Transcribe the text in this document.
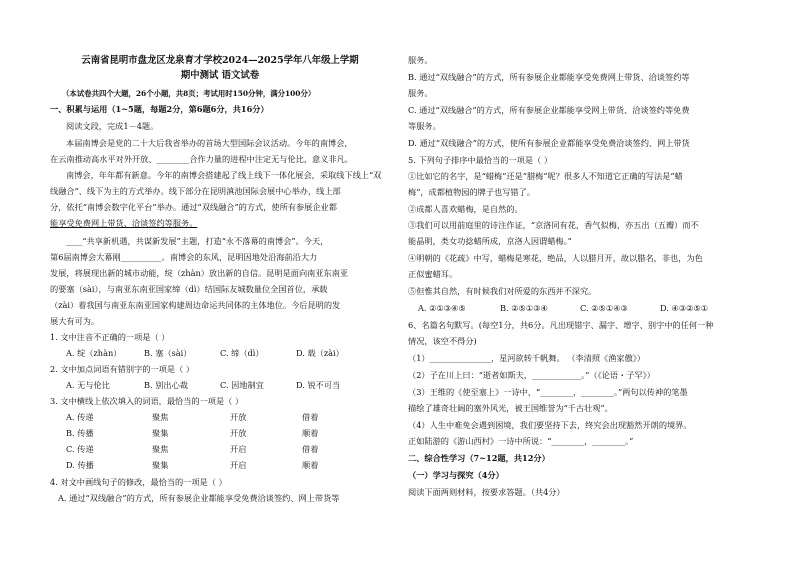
云南省昆明市盘龙区龙泉育才学校2024—2025学年八年级上学期
期中测试 语文试卷
（本试卷共四个大题，26个小题，共8页；考试用时150分钟，满分100分）
一、积累与运用（1~5题，每题2分，第6题6分，共16分）
阅读文段，完成1－4题。
本届南博会是党的二十大后我省举办的首场大型国际会议活动。今年的南博会，
在云南推动高水平对外开放、________合作力量的进程中注定无与伦比，意义非凡。
南博会，年年都有新意。今年的南博会搭建起了线上线下一体化展会，采取线下线上“双
线融合”、线下为主的方式举办。线下部分在昆明滇池国际会展中心举办，线上部
分，依托“南博会数字化平台”举办。通过“双线融合”的方式，使所有参展企业都
能享受免费网上带货、洽谈签约等服务。
____“共享新机遇，共谋新发展”主题，打造“永不落幕的南博会”。今天，
第6届南博会大幕刚__________。南博会的东风，昆明因地处沿海前沿大力
发展，将展现出新的城市动能，绽（zhàn）放出新的自信。昆明是面向南亚东南亚
的要塞（sài），与南亚东南亚国家缔（dì）结国际友城数量位全国首位，承载
（zài）着我国与南亚东南亚国家构建周边命运共同体的主体地位。今后昆明的发
展大有可为。
1. 文中注音不正确的一项是（ ）
A. 绽（zhàn）	B. 塞（sài）	C. 缔（dì）	D. 载（zài）
2. 文中加点词语有错别字的一项是（ ）
A. 无与伦比	B. 别出心裁	C. 因地制宜	D. 锐不可当
3. 文中横线上依次填入的词语，最恰当的一项是（ ）
A. 传递	聚焦	开放	借着
B. 传播	聚集	开放	顺着
C. 传递	聚焦	开启	借着
D. 传播	聚集	开启	顺着
4. 对文中画线句子的修改，最恰当的一项是（ ）
A. 通过“双线融合”的方式，所有参展企业都能享受免费洽谈签约、网上带货等
服务。
B. 通过“双线融合”的方式，所有参展企业都能享受免费网上带货、洽谈签约等
服务。
C. 通过“双线融合”的方式，所有参展企业都能享受网上带货、洽谈签约等免费
等服务。
D. 通过“双线融合”的方式，使所有参展企业都能享受免费洽谈签约、网上带货
5. 下列句子排序中最恰当的一项是（ ）
①比如它的名字，是“蜡梅”还是“腊梅”呢？很多人不知道它正确的写法是“蜡
梅”，成都植物园的牌子也写错了。
②成都人喜欢蜡梅，是自然的。
③我们可以用前庭里的诗注作证，“京洛同有花，香气似梅，亦五出（五瓣）而不
能晶明，类女功捻蜡所成，京洛人因谓蜡梅。”
④明朝的《花疏》中写，蜡梅是寒花，绝品，人以腊月开，故以腊名，非也，为色
正似蜜蜡耳。
⑤但惟其自然，有时候我们对所爱的东西并不深究。
A. ②①③④⑤	B. ②⑤①③④	C. ②⑤①④③	D. ④③②⑤①
6、名篇名句默写。(每空1分，共6分。凡出现错字、漏字、增字、别字中的任何一种
情况，该空不得分)
（1）_______________，星河欲转千帆舞。 （李清照《渔家傲》）
（2）子在川上曰：“逝者如斯夫，____________。”（《论语・子罕》）
（3）王维的《使至塞上》一诗中，“________，________。”两句以传神的笔墨
描绘了雄奇壮阔的塞外风光，被王国维誉为“千古壮观”。
（4）人生中难免会遇到困境，我们要坚持下去，终究会出现豁然开朗的境界。
正如陆游的《游山西村》一诗中所说：“________，________。”
二、综合性学习（7~12题，共12分）
（一）学习与探究（4分）
阅读下面两则材料，按要求答题。（共4分）
